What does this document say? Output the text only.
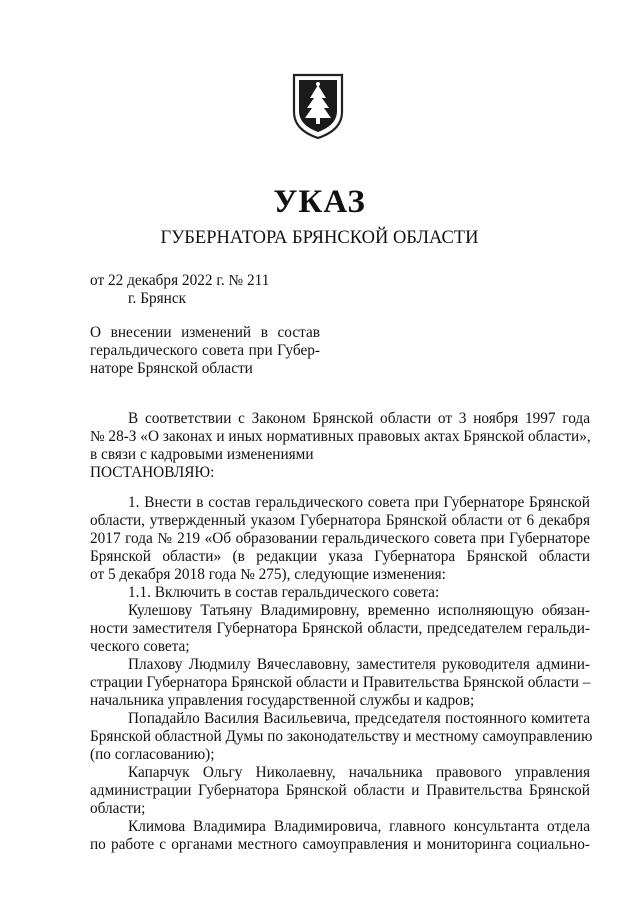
УКАЗ
ГУБЕРНАТОРА БРЯНСКОЙ ОБЛАСТИ
от 22 декабря 2022 г. № 211
г. Брянск
О внесении изменений в состав
геральдического совета при Губер-
наторе Брянской области
В соответствии с Законом Брянской области от 3 ноября 1997 года
№ 28-З «О законах и иных нормативных правовых актах Брянской области»,
в связи с кадровыми изменениями
ПОСТАНОВЛЯЮ:
1. Внести в состав геральдического совета при Губернаторе Брянской
области, утвержденный указом Губернатора Брянской области от 6 декабря
2017 года № 219 «Об образовании геральдического совета при Губернаторе
Брянской области» (в редакции указа Губернатора Брянской области
от 5 декабря 2018 года № 275), следующие изменения:
1.1. Включить в состав геральдического совета:
Кулешову Татьяну Владимировну, временно исполняющую обязан-
ности заместителя Губернатора Брянской области, председателем геральди-
ческого совета;
Плахову Людмилу Вячеславовну, заместителя руководителя админи-
страции Губернатора Брянской области и Правительства Брянской области –
начальника управления государственной службы и кадров;
Попадайло Василия Васильевича, председателя постоянного комитета
Брянской областной Думы по законодательству и местному самоуправлению
(по согласованию);
Капарчук Ольгу Николаевну, начальника правового управления
администрации Губернатора Брянской области и Правительства Брянской
области;
Климова Владимира Владимировича, главного консультанта отдела
по работе с органами местного самоуправления и мониторинга социально-
